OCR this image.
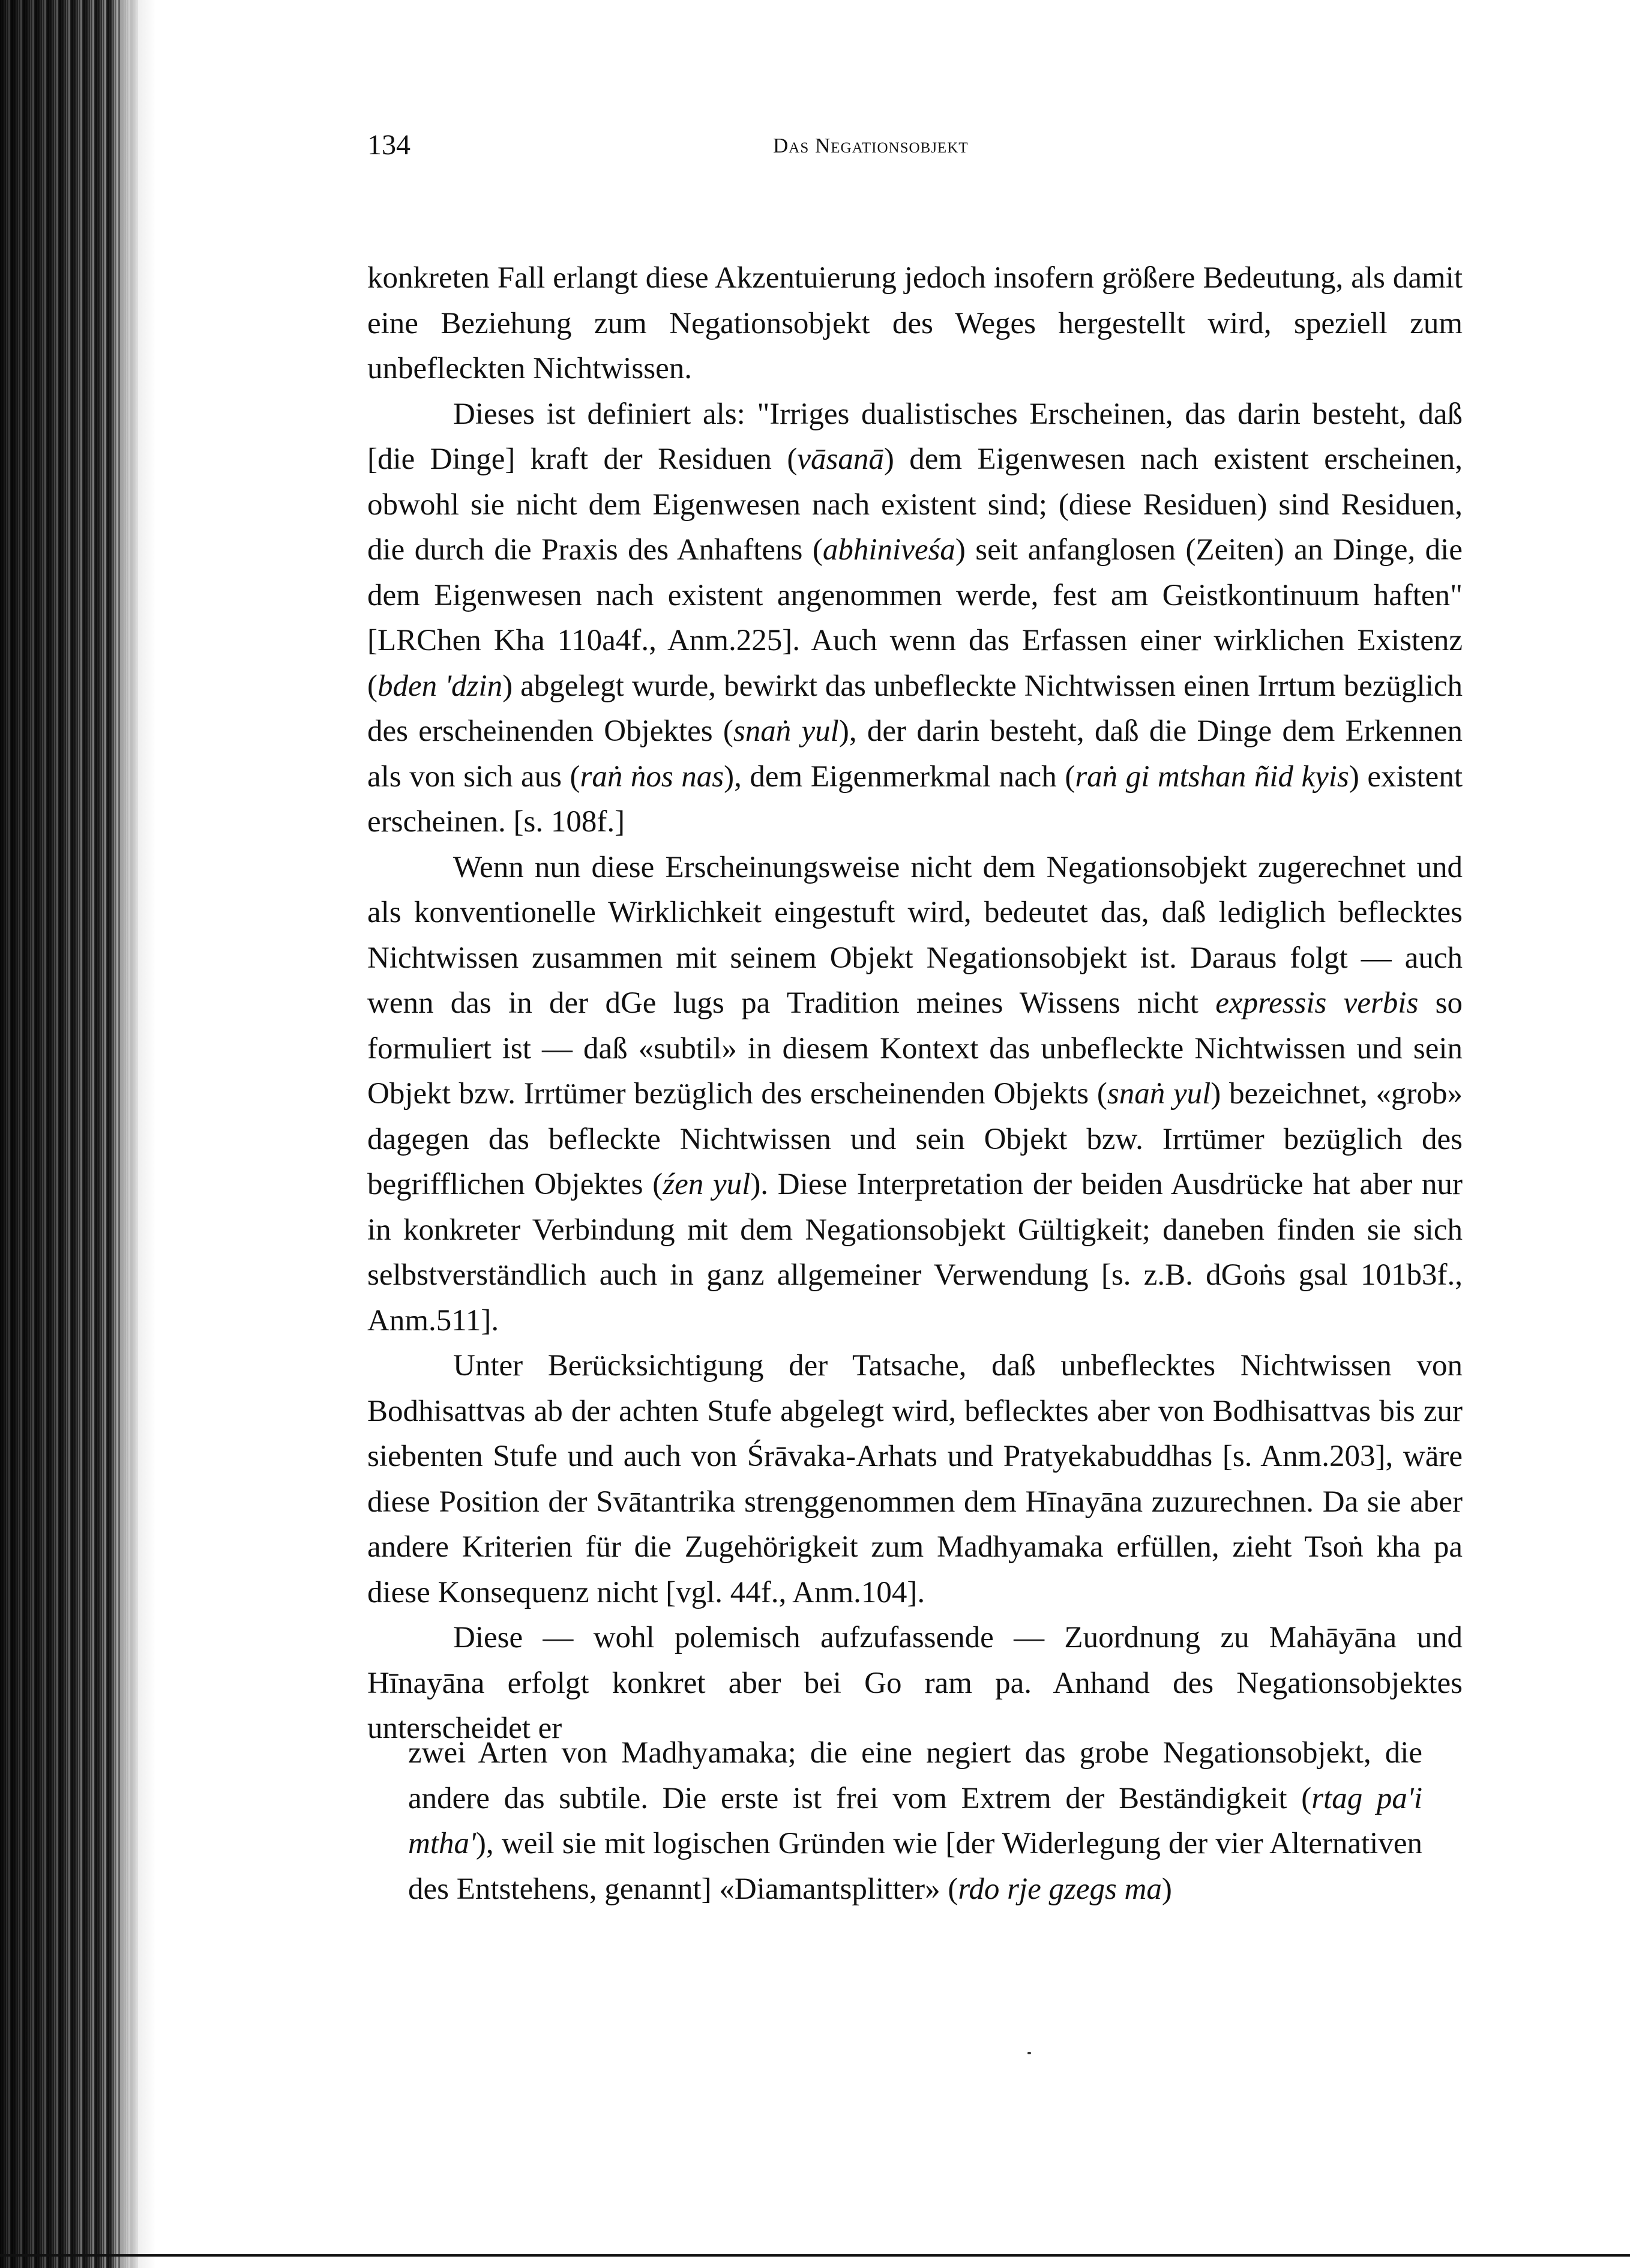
134	Das Negationsobjekt

konkreten Fall erlangt diese Akzentuierung jedoch insofern größere Bedeutung, als damit eine Beziehung zum Negationsobjekt des Weges hergestellt wird, speziell zum unbefleckten Nichtwissen.

Dieses ist definiert als: "Irriges dualistisches Erscheinen, das darin besteht, daß [die Dinge] kraft der Residuen (vāsanā) dem Eigenwesen nach existent erscheinen, obwohl sie nicht dem Eigenwesen nach existent sind; (diese Residuen) sind Residuen, die durch die Praxis des Anhaftens (abhiniveśa) seit anfanglosen (Zeiten) an Dinge, die dem Eigenwesen nach existent angenommen werde, fest am Geistkontinuum haften" [LRChen Kha 110a4f., Anm.225]. Auch wenn das Erfassen einer wirklichen Existenz (bden 'dzin) abgelegt wurde, bewirkt das unbefleckte Nichtwissen einen Irrtum bezüglich des erscheinenden Objektes (snaṅ yul), der darin besteht, daß die Dinge dem Erkennen als von sich aus (raṅ ṅos nas), dem Eigenmerkmal nach (raṅ gi mtshan ñid kyis) existent erscheinen. [s. 108f.]

Wenn nun diese Erscheinungsweise nicht dem Negationsobjekt zugerechnet und als konventionelle Wirklichkeit eingestuft wird, bedeutet das, daß lediglich beflecktes Nichtwissen zusammen mit seinem Objekt Negationsobjekt ist. Daraus folgt — auch wenn das in der dGe lugs pa Tradition meines Wissens nicht expressis verbis so formuliert ist — daß «subtil» in diesem Kontext das unbefleckte Nichtwissen und sein Objekt bzw. Irrtümer bezüglich des erscheinenden Objekts (snaṅ yul) bezeichnet, «grob» dagegen das befleckte Nichtwissen und sein Objekt bzw. Irrtümer bezüglich des begrifflichen Objektes (źen yul). Diese Interpretation der beiden Ausdrücke hat aber nur in konkreter Verbindung mit dem Negationsobjekt Gültigkeit; daneben finden sie sich selbstverständlich auch in ganz allgemeiner Verwendung [s. z.B. dGoṅs gsal 101b3f., Anm.511].

Unter Berücksichtigung der Tatsache, daß unbeflecktes Nichtwissen von Bodhisattvas ab der achten Stufe abgelegt wird, beflecktes aber von Bodhisattvas bis zur siebenten Stufe und auch von Śrāvaka-Arhats und Pratyekabuddhas [s. Anm.203], wäre diese Position der Svātantrika strenggenommen dem Hīnayāna zuzurechnen. Da sie aber andere Kriterien für die Zugehörigkeit zum Madhyamaka erfüllen, zieht Tsoṅ kha pa diese Konsequenz nicht [vgl. 44f., Anm.104].

Diese — wohl polemisch aufzufassende — Zuordnung zu Mahāyāna und Hīnayāna erfolgt konkret aber bei Go ram pa. Anhand des Negationsobjektes unterscheidet er

zwei Arten von Madhyamaka; die eine negiert das grobe Negationsobjekt, die andere das subtile. Die erste ist frei vom Extrem der Beständigkeit (rtag pa'i mtha'), weil sie mit logischen Gründen wie [der Widerlegung der vier Alternativen des Entstehens, genannt] «Diamantsplitter» (rdo rje gzegs ma)
